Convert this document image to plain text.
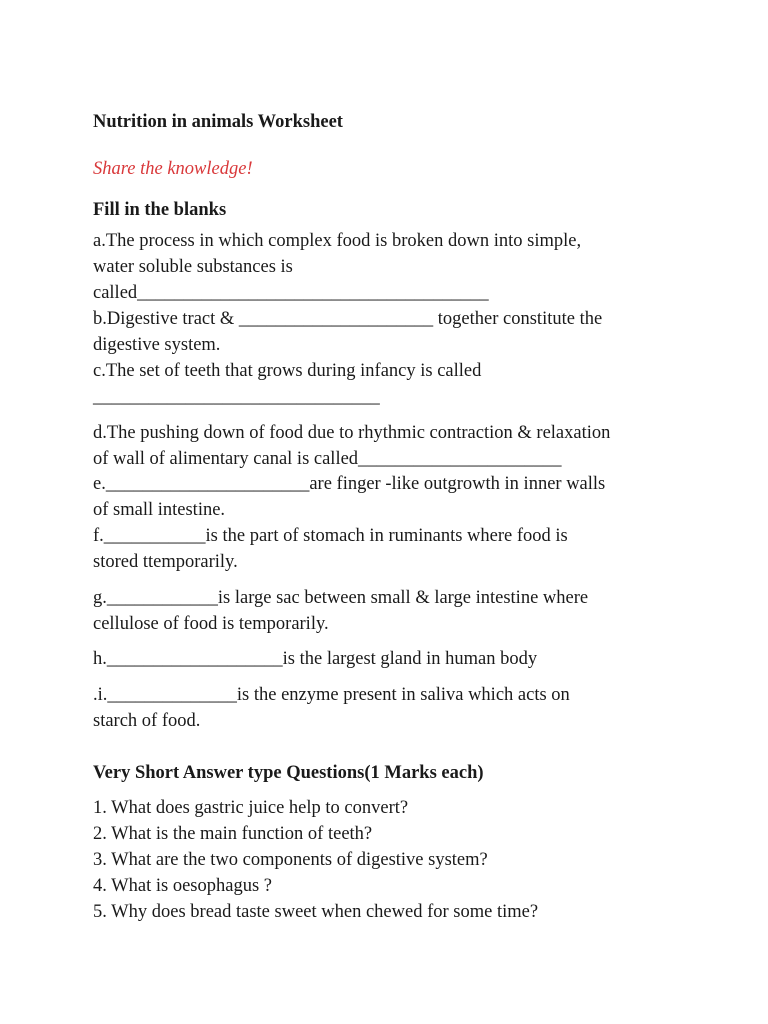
Nutrition in animals Worksheet

Share the knowledge!

Fill in the blanks

a.The process in which complex food is broken down into simple,

water soluble substances is

called______________________________________

b.Digestive tract & _____________________ together constitute the

digestive system.

c.The set of teeth that grows during infancy is called

_______________________________

d.The pushing down of food due to rhythmic contraction & relaxation

of wall of alimentary canal is called______________________

e.______________________are finger -like outgrowth in inner walls

of small intestine.

f.___________is the part of stomach in ruminants where food is

stored ttemporarily.

g.____________is large sac between small & large intestine where

cellulose of food is temporarily.

h.___________________is the largest gland in human body

.i.______________is the enzyme present in saliva which acts on

starch of food.

Very Short Answer type Questions(1 Marks each)

1. What does gastric juice help to convert?

2. What is the main function of teeth?

3. What are the two components of digestive system?

4. What is oesophagus ?

5. Why does bread taste sweet when chewed for some time?
